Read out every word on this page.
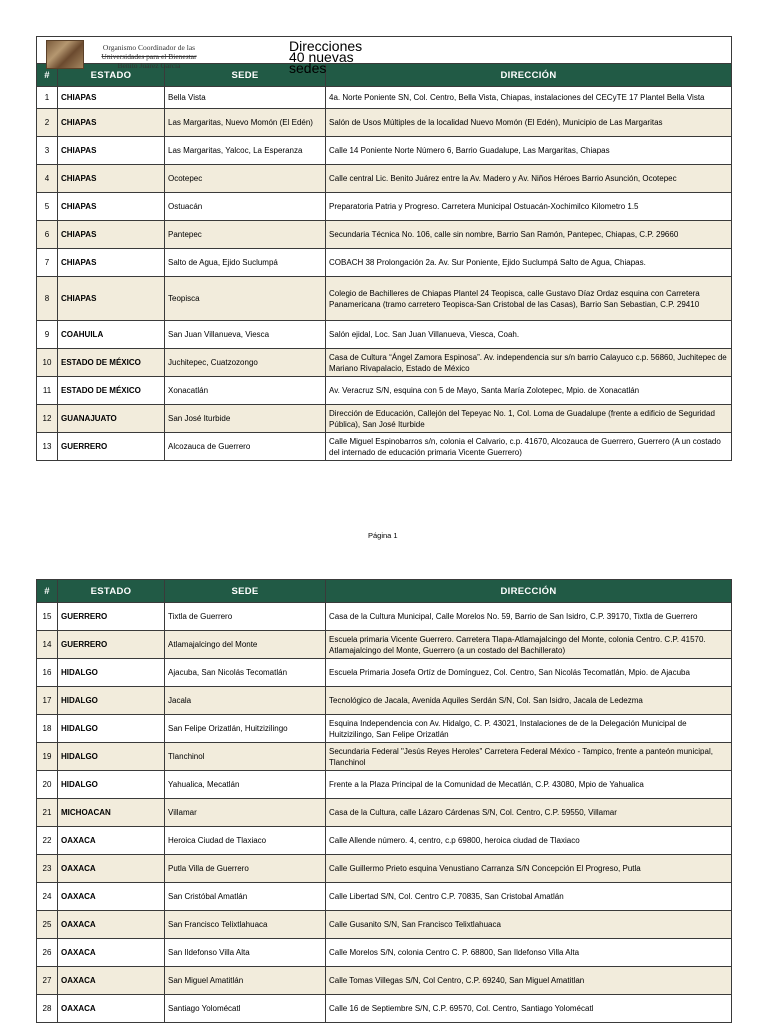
Organismo Coordinador de las
Universidades para el Bienestar
Benito Juárez García
Direcciones 40 nuevas sedes			

#	ESTADO	SEDE	DIRECCIÓN
1	CHIAPAS	Bella Vista	4a. Norte Poniente SN, Col. Centro, Bella Vista, Chiapas, instalaciones del CECyTE 17 Plantel Bella Vista
2	CHIAPAS	Las Margaritas, Nuevo Momón (El Edén)	Salón de Usos Múltiples de la localidad Nuevo Momón (El Edén), Municipio de Las Margaritas
3	CHIAPAS	Las Margaritas, Yalcoc, La Esperanza	Calle 14 Poniente Norte Número 6, Barrio Guadalupe, Las Margaritas, Chiapas
4	CHIAPAS	Ocotepec	Calle central Lic. Benito Juárez entre la Av. Madero y Av. Niños Héroes Barrio Asunción, Ocotepec
5	CHIAPAS	Ostuacán	Preparatoria Patria y Progreso. Carretera Municipal Ostuacán-Xochimilco Kilometro 1.5
6	CHIAPAS	Pantepec	Secundaria Técnica No. 106, calle sin nombre, Barrio San Ramón, Pantepec, Chiapas, C.P. 29660
7	CHIAPAS	Salto de Agua, Ejido Suclumpá	COBACH 38 Prolongación 2a. Av. Sur Poniente, Ejido Suclumpá Salto de Agua, Chiapas.
8	CHIAPAS	Teopisca	Colegio de Bachilleres de Chiapas Plantel 24 Teopisca, calle Gustavo Díaz Ordaz esquina con Carretera Panamericana (tramo carretero Teopisca-San Cristobal de las Casas), Barrio San Sebastian, C.P. 29410
9	COAHUILA	San Juan Villanueva, Viesca	Salón ejidal, Loc. San Juan Villanueva, Viesca, Coah.
10	ESTADO DE MÉXICO	Juchitepec, Cuatzozongo	Casa de Cultura “Ángel Zamora Espinosa”. Av. independencia sur s/n barrio Calayuco c.p. 56860, Juchitepec de Mariano Rivapalacio, Estado de México
11	ESTADO DE MÉXICO	Xonacatlán	Av. Veracruz S/N, esquina con 5 de Mayo, Santa María Zolotepec, Mpio. de Xonacatlán
12	GUANAJUATO	San José Iturbide	Dirección de Educación, Callejón del Tepeyac No. 1, Col. Loma de Guadalupe (frente a edificio de Seguridad Pública), San José Iturbide
13	GUERRERO	Alcozauca de Guerrero	Calle Miguel Espinobarros s/n, colonia el Calvario, c.p. 41670, Alcozauca de Guerrero, Guerrero (A un costado del internado de educación primaria Vicente Guerrero)
Página 1
#	ESTADO	SEDE	DIRECCIÓN
15	GUERRERO	Tixtla de Guerrero	Casa de la Cultura Municipal, Calle Morelos No. 59, Barrio de San Isidro, C.P. 39170, Tixtla de Guerrero
14	GUERRERO	Atlamajalcingo del Monte	Escuela primaria Vicente Guerrero. Carretera Tlapa-Atlamajalcingo del Monte, colonia Centro. C.P. 41570. Atlamajalcingo del Monte, Guerrero (a un costado del Bachillerato)
16	HIDALGO	Ajacuba, San Nicolás Tecomatlán	Escuela Primaria Josefa Ortíz de Domínguez, Col. Centro, San Nicolás Tecomatlán, Mpio. de Ajacuba
17	HIDALGO	Jacala	Tecnológico de Jacala, Avenida Aquiles Serdán S/N, Col. San Isidro, Jacala de Ledezma
18	HIDALGO	San Felipe Orizatlán, Huitzizilingo	Esquina Independencia con Av. Hidalgo, C. P. 43021, Instalaciones de de la Delegación Municipal de Huitzizilingo, San Felipe Orizatlán
19	HIDALGO	Tlanchinol	Secundaria Federal "Jesús Reyes Heroles" Carretera Federal México - Tampico, frente a panteón municipal, Tlanchinol
20	HIDALGO	Yahualica, Mecatlán	Frente a la Plaza Principal de la Comunidad de Mecatlán, C.P. 43080, Mpio de Yahualica
21	MICHOACAN	Villamar	Casa de la Cultura, calle Lázaro Cárdenas S/N, Col. Centro, C.P. 59550, Villamar
22	OAXACA	Heroica Ciudad de Tlaxiaco	Calle Allende número. 4, centro, c.p 69800, heroica ciudad de Tlaxiaco
23	OAXACA	Putla Villa de Guerrero	Calle Guillermo Prieto esquina Venustiano Carranza S/N Concepción El Progreso, Putla
24	OAXACA	San Cristóbal Amatlán	Calle Libertad S/N, Col. Centro C.P. 70835, San Cristobal Amatlán
25	OAXACA	San Francisco Telixtlahuaca	Calle Gusanito S/N, San Francisco Telixtlahuaca
26	OAXACA	San Ildefonso Villa Alta	Calle Morelos S/N, colonia Centro C. P. 68800, San Ildefonso Villa Alta
27	OAXACA	San Miguel Amatitlán	Calle Tomas Villegas S/N, Col Centro, C.P. 69240, San Miguel Amatitlan
28	OAXACA	Santiago Yolomécatl	Calle 16 de Septiembre S/N, C.P. 69570, Col. Centro, Santiago Yolomécatl
